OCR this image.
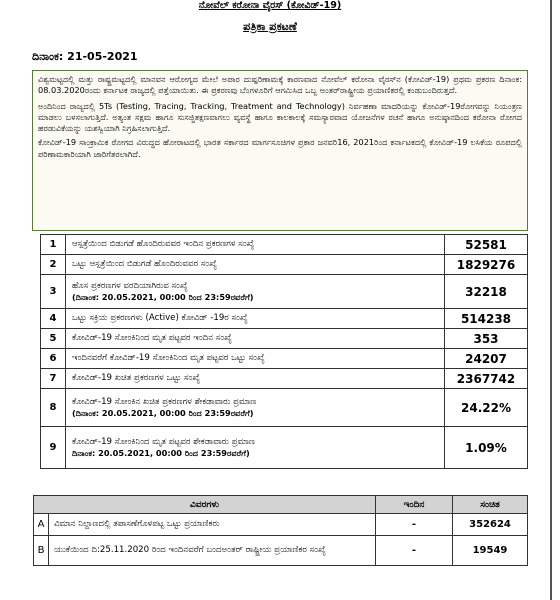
ನೋವೆಲ್ ಕರೋನಾ ವೈರಸ್ (ಕೋವಿಡ್-19)
ಪತ್ರಿಕಾ ಪ್ರಕಟಣೆ
ದಿನಾಂಕ: 21-05-2021

ವಿಶ್ವಮಟ್ಟದಲ್ಲಿ ಮತ್ತು ರಾಷ್ಟ್ರಮಟ್ಟದಲ್ಲಿ ಮಾನವನ ಆರೋಗ್ಯದ ಮೇಲೆ ಅಪಾರ ದುಷ್ಪರಿಣಾಮಕ್ಕೆ ಕಾರಣವಾದ ನೋವೆಲ್ ಕರೋನಾ ವೈರಸ್‌ನ (ಕೋವಿಡ್-19) ಪ್ರಥಮ ಪ್ರಕರಣ ದಿನಾಂಕ: 08.03.2020ರಂದು ಕರ್ನಾಟಕ ರಾಜ್ಯದಲ್ಲಿ ಪತ್ತೆಯಾಯಿತು. ಈ ಪ್ರಕರಣವು ಬೆಂಗಳೂರಿಗೆ ಆಗಮಿಸಿದ ಒಬ್ಬ ಅಂತರ್‌ರಾಷ್ಟ್ರೀಯ ಪ್ರಯಾಣಿಕರಲ್ಲಿ ಕಂಡುಬಂದಿರುತ್ತದೆ.

ಅಂದಿನಿಂದ ರಾಜ್ಯದಲ್ಲಿ 5Ts (Testing, Tracing, Tracking, Treatment and Technology) ನಿರ್ವಹಣಾ ಮಾದರಿಯನ್ನು ಕೋವಿಡ್-19ರೋಗವನ್ನು ನಿಯಂತ್ರಣ ಮಾಡಲು ಬಳಸಲಾಗುತ್ತಿದೆ. ಅತ್ಯಂತ ಸಕ್ಷಮ ಹಾಗೂ ಸುಸಜ್ಜಿತಕ್ಷಣವಾಗಲು ವ್ಯವಸ್ಥೆ ಹಾಗೂ ಕಾಲಕಾಲಕ್ಕೆ ಸಮಸ್ಯಾರವಾದ ಯೋಜನೆಗಳ ರಚನೆ ಹಾಗೂ ಅನುಷ್ಠಾನದಿಂದ ಕರೋನಾ ರೋಗದ ಹರಡುವಿಕೆಯನ್ನು ಯಶಸ್ವಿಯಾಗಿ ನಿಗ್ರಹಿಸಲಾಗುತ್ತಿದೆ.

ಕೋವಿಡ್-19 ಸಾಂಕ್ರಾಮಿಕ ರೋಗದ ವಿರುದ್ಧದ ಹೋರಾಟದಲ್ಲಿ ಭಾರತ ಸರ್ಕಾರದ ಮಾರ್ಗಸೂಚಿಗಳ ಪ್ರಕಾರ ಜನವರಿ16, 2021ರಿಂದ ಕರ್ನಾಟಕದಲ್ಲಿ ಕೋವಿಡ್-19 ಲಸಿಕೆಯ ರೂಪದಲ್ಲಿ ಪರಿಣಾಮಕಾರಿಯಾಗಿ ಜಾರಿಗೆತರಲಾಗಿದೆ.

1	ಆಸ್ಪತ್ರೆಯಿಂದ ಬಿಡುಗಡೆ ಹೊಂದಿರುವವರ ಇಂದಿನ ಪ್ರಕರಣಗಳ ಸಂಖ್ಯೆ	52581
2	ಒಟ್ಟು ಆಸ್ಪತ್ರೆಯಿಂದ ಬಿಡುಗಡೆ ಹೊಂದಿರುವವರ ಸಂಖ್ಯೆ	1829276
3	ಹೊಸ ಪ್ರಕರಣಗಳ ವರದಿಯಾಗಿರುವ ಸಂಖ್ಯೆ
(ದಿನಾಂಕ: 20.05.2021, 00:00 ರಿಂದ 23:59ರವರೆಗೆ)	32218
4	ಒಟ್ಟು ಸಕ್ರಿಯ ಪ್ರಕರಣಗಳು (Active) ಕೋವಿಡ್ -19ರ ಸಂಖ್ಯೆ	514238
5	ಕೋವಿಡ್-19 ಸೋಂಕಿನಿಂದ ಮೃತ ಪಟ್ಟವರ ಇಂದಿನ ಸಂಖ್ಯೆ	353
6	ಇಂದಿನವರೆಗೆ ಕೋವಿಡ್-19 ಸೋಂಕಿನಿಂದ ಮೃತ ಪಟ್ಟವರ ಒಟ್ಟು ಸಂಖ್ಯೆ	24207
7	ಕೋವಿಡ್-19 ಖಚಿತ ಪ್ರಕರಣಗಳ ಒಟ್ಟು ಸಂಖ್ಯೆ	2367742
8	ಕೋವಿಡ್-19 ಸೋಂಕಿನ ಖಚಿತ ಪ್ರಕರಣಗಳ ಶೇಕಡಾವಾರು ಪ್ರಮಾಣ
(ದಿನಾಂಕ: 20.05.2021, 00:00 ರಿಂದ 23:59ರವರೆಗೆ)	24.22%
9	ಕೋವಿಡ್-19 ಸೋಂಕಿನಿಂದ ಮೃತ ಪಟ್ಟವರ ಶೇಕಡಾವಾರು ಪ್ರಮಾಣ
ದಿನಾಂಕ: 20.05.2021, 00:00 ರಿಂದ 23:59ರವರೆಗೆ)	1.09%
ವಿವರಗಳು		ಇಂದಿನ	ಸಂಚಿತ
A	ವಿಮಾನ ನಿಲ್ದಾಣದಲ್ಲಿ ತಪಾಸಣೆಗೊಳಪಟ್ಟ ಒಟ್ಟು ಪ್ರಯಾಣಿಕರು	-	352624
B	ಯುಕೆಯಿಂದ ದಿ:25.11.2020 ರಿಂದ ಇಂದಿನವರೆಗೆ ಬಂದಅಂತರ್ ರಾಷ್ಟ್ರೀಯ ಪ್ರಯಾಣಿಕರ ಸಂಖ್ಯೆ	-	19549
